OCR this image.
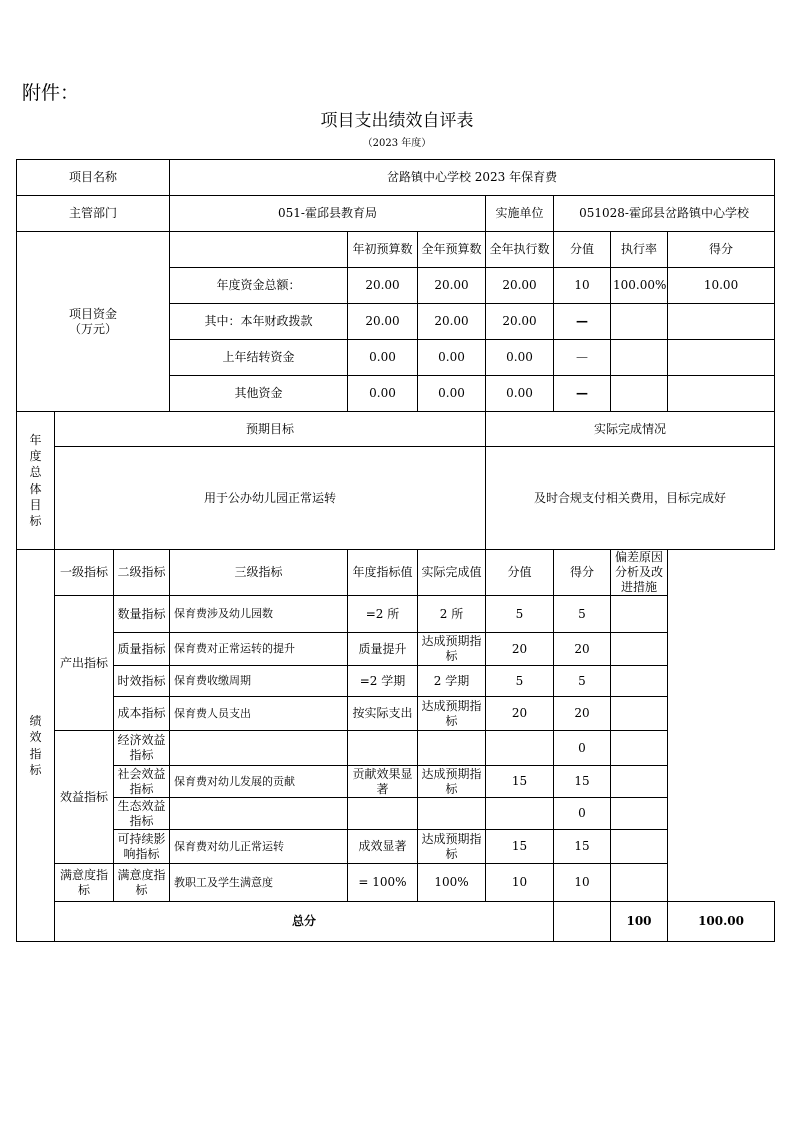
附件：
项目支出绩效自评表
（2023 年度）
项目名称			岔路镇中心学校 2023 年保育费							
主管部门			051-霍邱县教育局			实施单位	051028-霍邱县岔路镇中心学校			
项目资金
（万元）				年初预算数	全年预算数	全年执行数	分值	执行率	得分	
			年度资金总额：	20.00	20.00	20.00	10	100.00%	10.00	
			其中：本年财政拨款	20.00	20.00	20.00	—			
			上年结转资金	0.00	0.00	0.00	—			
			其他资金	0.00	0.00	0.00	—			
年度总体目标	预期目标					实际完成情况				
	用于公办幼儿园正常运转					及时合规支付相关费用，目标完成好				
绩效指标	一级指标	二级指标	三级指标	年度指标值	实际完成值	分值	得分	偏差原因分析及改 进措施		
	产出指标	数量指标	保育费涉及幼儿园数	=2 所	2 所	5	5			
		质量指标	保育费对正常运转的提升	质量提升	达成预期指标	20	20			
		时效指标	保育费收缴周期	=2 学期	2 学期	5	5			
		成本指标	保育费人员支出	按实际支出	达成预期指标	20	20			
	效益指标	经济效益指标					0			
		社会效益指标	保育费对幼儿发展的贡献	贡献效果显著	达成预期指标	15	15			
		生态效益指标					0			
		可持续影响指标	保育费对幼儿正常运转	成效显著	达成预期指标	15	15			
	满意度指标	满意度指标	教职工及学生满意度	= 100%	100%	10	10			
	总分							100	100.00	
